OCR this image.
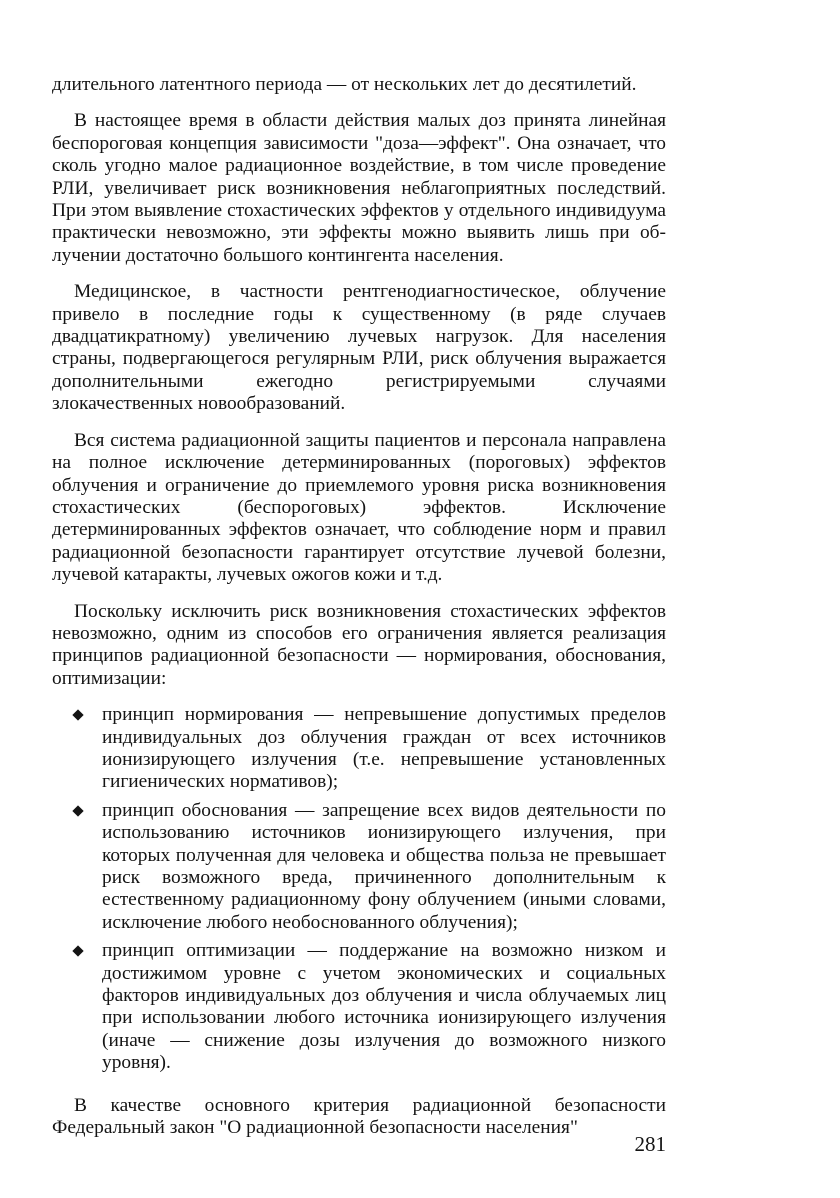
длительного латентного периода — от нескольких лет до десятилетий.

В настоящее время в области действия малых доз принята линейная беспороговая концепция зависимости "доза—эффект". Она означает, что сколь угодно малое радиационное воздействие, в том числе проведение РЛИ, увеличивает риск возникновения неблагоприятных последствий. При этом выявление стохастических эффектов у отдельного индивидуума практически невозможно, эти эффекты можно выявить лишь при облучении достаточно большого контингента населения.

Медицинское, в частности рентгенодиагностическое, облучение привело в последние годы к существенному (в ряде случаев двадцатикратному) увеличению лучевых нагрузок. Для населения страны, подвергающегося регулярным РЛИ, риск облучения выражается дополнительными ежегодно регистрируемыми случаями злокачественных новообразований.

Вся система радиационной защиты пациентов и персонала направлена на полное исключение детерминированных (пороговых) эффектов облучения и ограничение до приемлемого уровня риска возникновения стохастических (беспороговых) эффектов. Исключение детерминированных эффектов означает, что соблюдение норм и правил радиационной безопасности гарантирует отсутствие лучевой болезни, лучевой катаракты, лучевых ожогов кожи и т.д.

Поскольку исключить риск возникновения стохастических эффектов невозможно, одним из способов его ограничения является реализация принципов радиационной безопасности — нормирования, обоснования, оптимизации:

принцип нормирования — непревышение допустимых пределов индивидуальных доз облучения граждан от всех источников ионизирующего излучения (т.е. непревышение установленных гигиенических нормативов);
принцип обоснования — запрещение всех видов деятельности по использованию источников ионизирующего излучения, при которых полученная для человека и общества польза не превышает риск возможного вреда, причиненного дополнительным к естественному радиационному фону облучением (иными словами, исключение любого необоснованного облучения);
принцип оптимизации — поддержание на возможно низком и достижимом уровне с учетом экономических и социальных факторов индивидуальных доз облучения и числа облучаемых лиц при использовании любого источника ионизирующего излучения (иначе — снижение дозы излучения до возможного низкого уровня).

В качестве основного критерия радиационной безопасности Федеральный закон "О радиационной безопасности населения"

281
